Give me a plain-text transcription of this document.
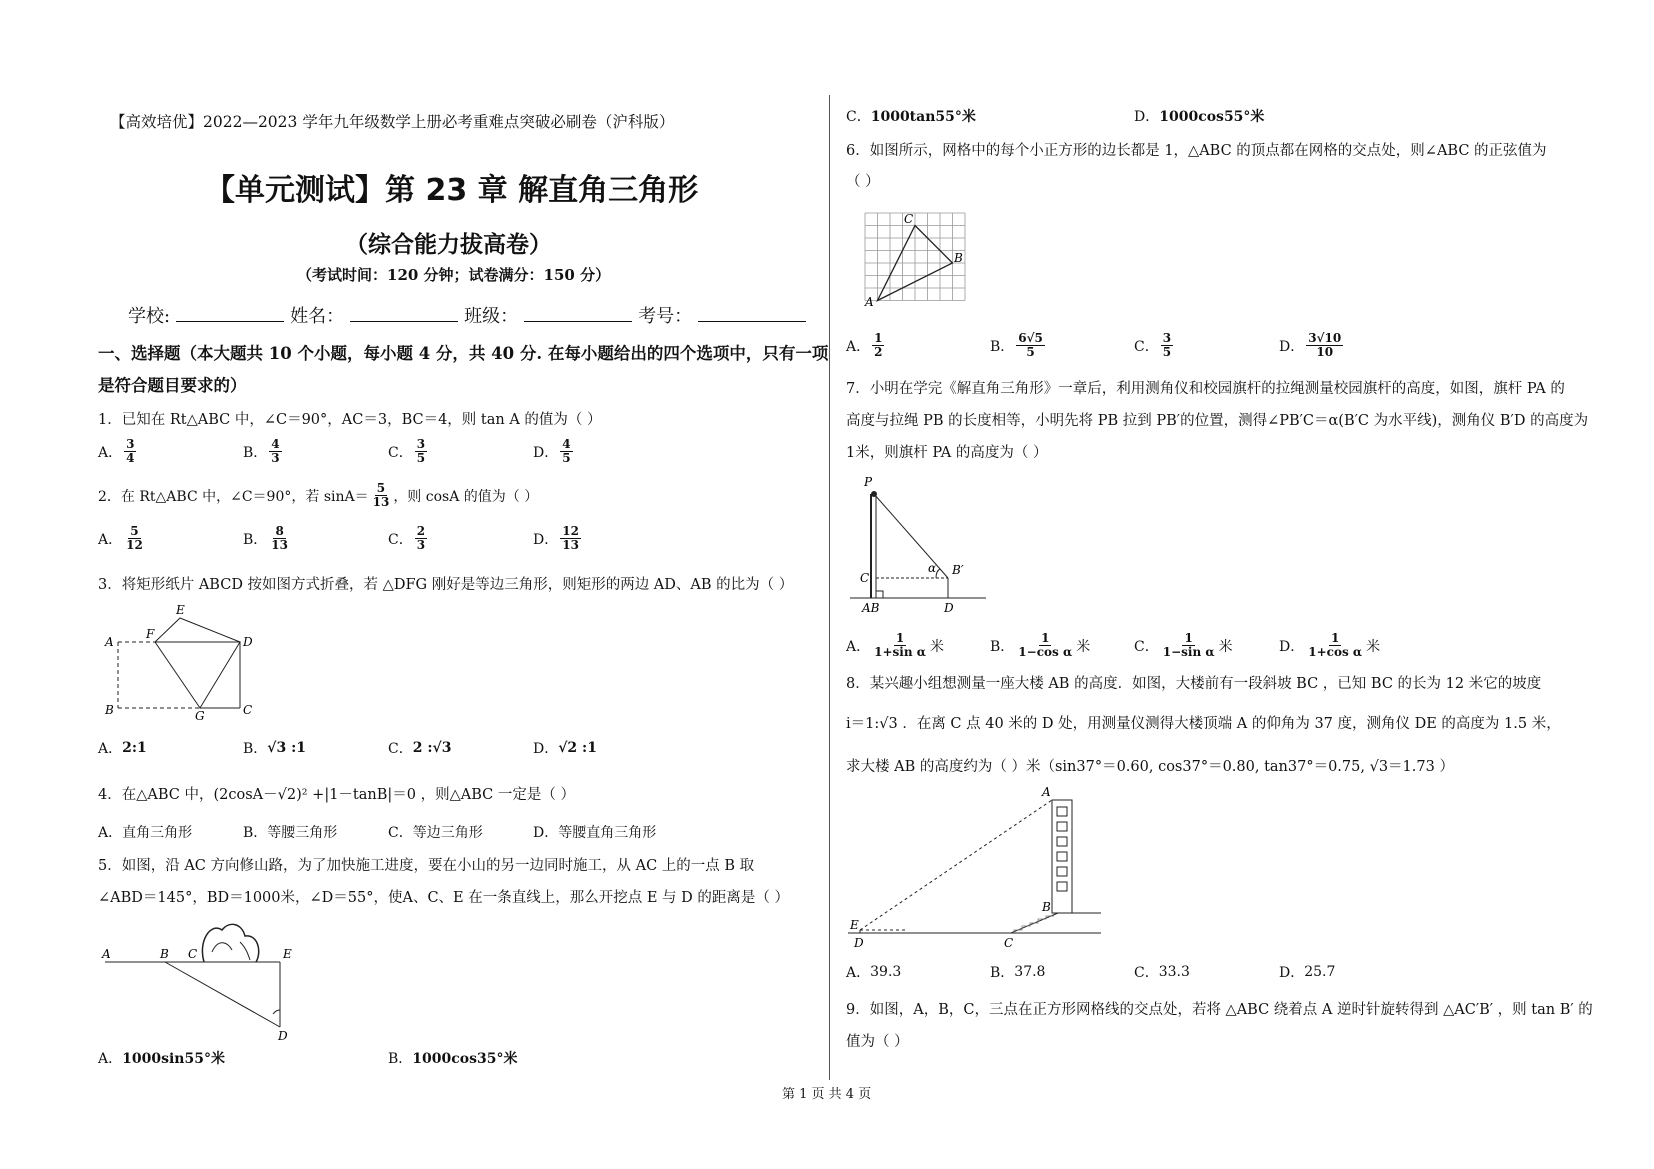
【高效培优】2022—2023 学年九年级数学上册必考重难点突破必刷卷（沪科版）
【单元测试】第 23 章 解直角三角形
（综合能力拔高卷）
（考试时间：120 分钟；试卷满分：150 分）
学校:	姓名：	班级：	考号：
一、选择题（本大题共 10 个小题，每小题 4 分，共 40 分. 在每小题给出的四个选项中，只有一项
是符合题目要求的）
1．已知在 Rt△ABC 中，∠C＝90°，AC＝3，BC＝4，则 tan A 的值为（ ）
A． $\frac{3}{4}$	B． $\frac{4}{3}$	C． $\frac{3}{5}$	D． $\frac{4}{5}$
2．在 Rt△ABC 中，∠C＝90°，若 $\sin A= \frac{5}{13}$ ，则 cosA 的值为（ ）
A． $\frac{5}{12}$	B． $\frac{8}{13}$	C． $\frac{2}{3}$	D． $\frac{12}{13}$
3．将矩形纸片 ABCD 按如图方式折叠，若 △DFG 刚好是等边三角形，则矩形的两边 AD、AB 的比为（ ）
A
F
E
D
B	C
G
A． 2:1	B． √3 :1	C． 2 :√3	D． √2 :1
4．在△ABC 中，(2cosA－√2)² +|1－tanB|＝0 ，则△ABC 一定是（ ）
A． 直角三角形	B． 等腰三角形	C． 等边三角形	D． 等腰直角三角形
5．如图，沿 AC 方向修山路，为了加快施工进度，要在小山的另一边同时施工，从 AC 上的一点 B 取
∠ABD＝145°，BD＝1000米，∠D＝55°，使A、C、E 在一条直线上，那么开挖点 E 与 D 的距离是（ ）
A	B C	E
D
A． 1000sin55°米	B． 1000cos35°米
C． 1000tan55°米	D． 1000cos55°米
6．如图所示，网格中的每个小正方形的边长都是 1，△ABC 的顶点都在网格的交点处，则∠ABC 的正弦值为
（ ）
C
B
A
A． $\frac{1}{2}$	B． $\frac{6√5}{5}$	C． $\frac{3}{5}$	D． $\frac{3√10}{10}$
7．小明在学完《解直角三角形》一章后，利用测角仪和校园旗杆的拉绳测量校园旗杆的高度，如图，旗杆 PA 的
高度与拉绳 PB 的长度相等，小明先将 PB 拉到 PB′的位置，测得∠PB′C＝α(B′C 为水平线)，测角仪 B′D 的高度为
1米，则旗杆 PA 的高度为（ ）
P
C
AB
α B′
D
A． $\frac{1}{\text{1+sin α}}$ 米	B． $\frac{1}{\text{1−cos α}}$ 米	C． $\frac{1}{\text{1−sin α}}$ 米	D． $\frac{1}{\text{1+cos α}}$ 米
8．某兴趣小组想测量一座大楼 AB 的高度．如图，大楼前有一段斜坡 BC ，已知 BC 的长为 12 米它的坡度
i＝1:√3 ．在离 C 点 40 米的 D 处，用测量仪测得大楼顶端 A 的仰角为 37 度，测角仪 DE 的高度为 1.5 米，
求大楼 AB 的高度约为（ ）米（sin37°＝0.60, cos37°＝0.80, tan37°＝0.75, √3＝1.73 ）
A
B
C
E
D
A． 39.3	B． 37.8	C． 33.3	D． 25.7
9．如图，A，B，C，三点在正方形网格线的交点处，若将 △ABC 绕着点 A 逆时针旋转得到 △AC′B′ ，则 tan B′ 的
值为（ ）
第 1 页 共 4 页
